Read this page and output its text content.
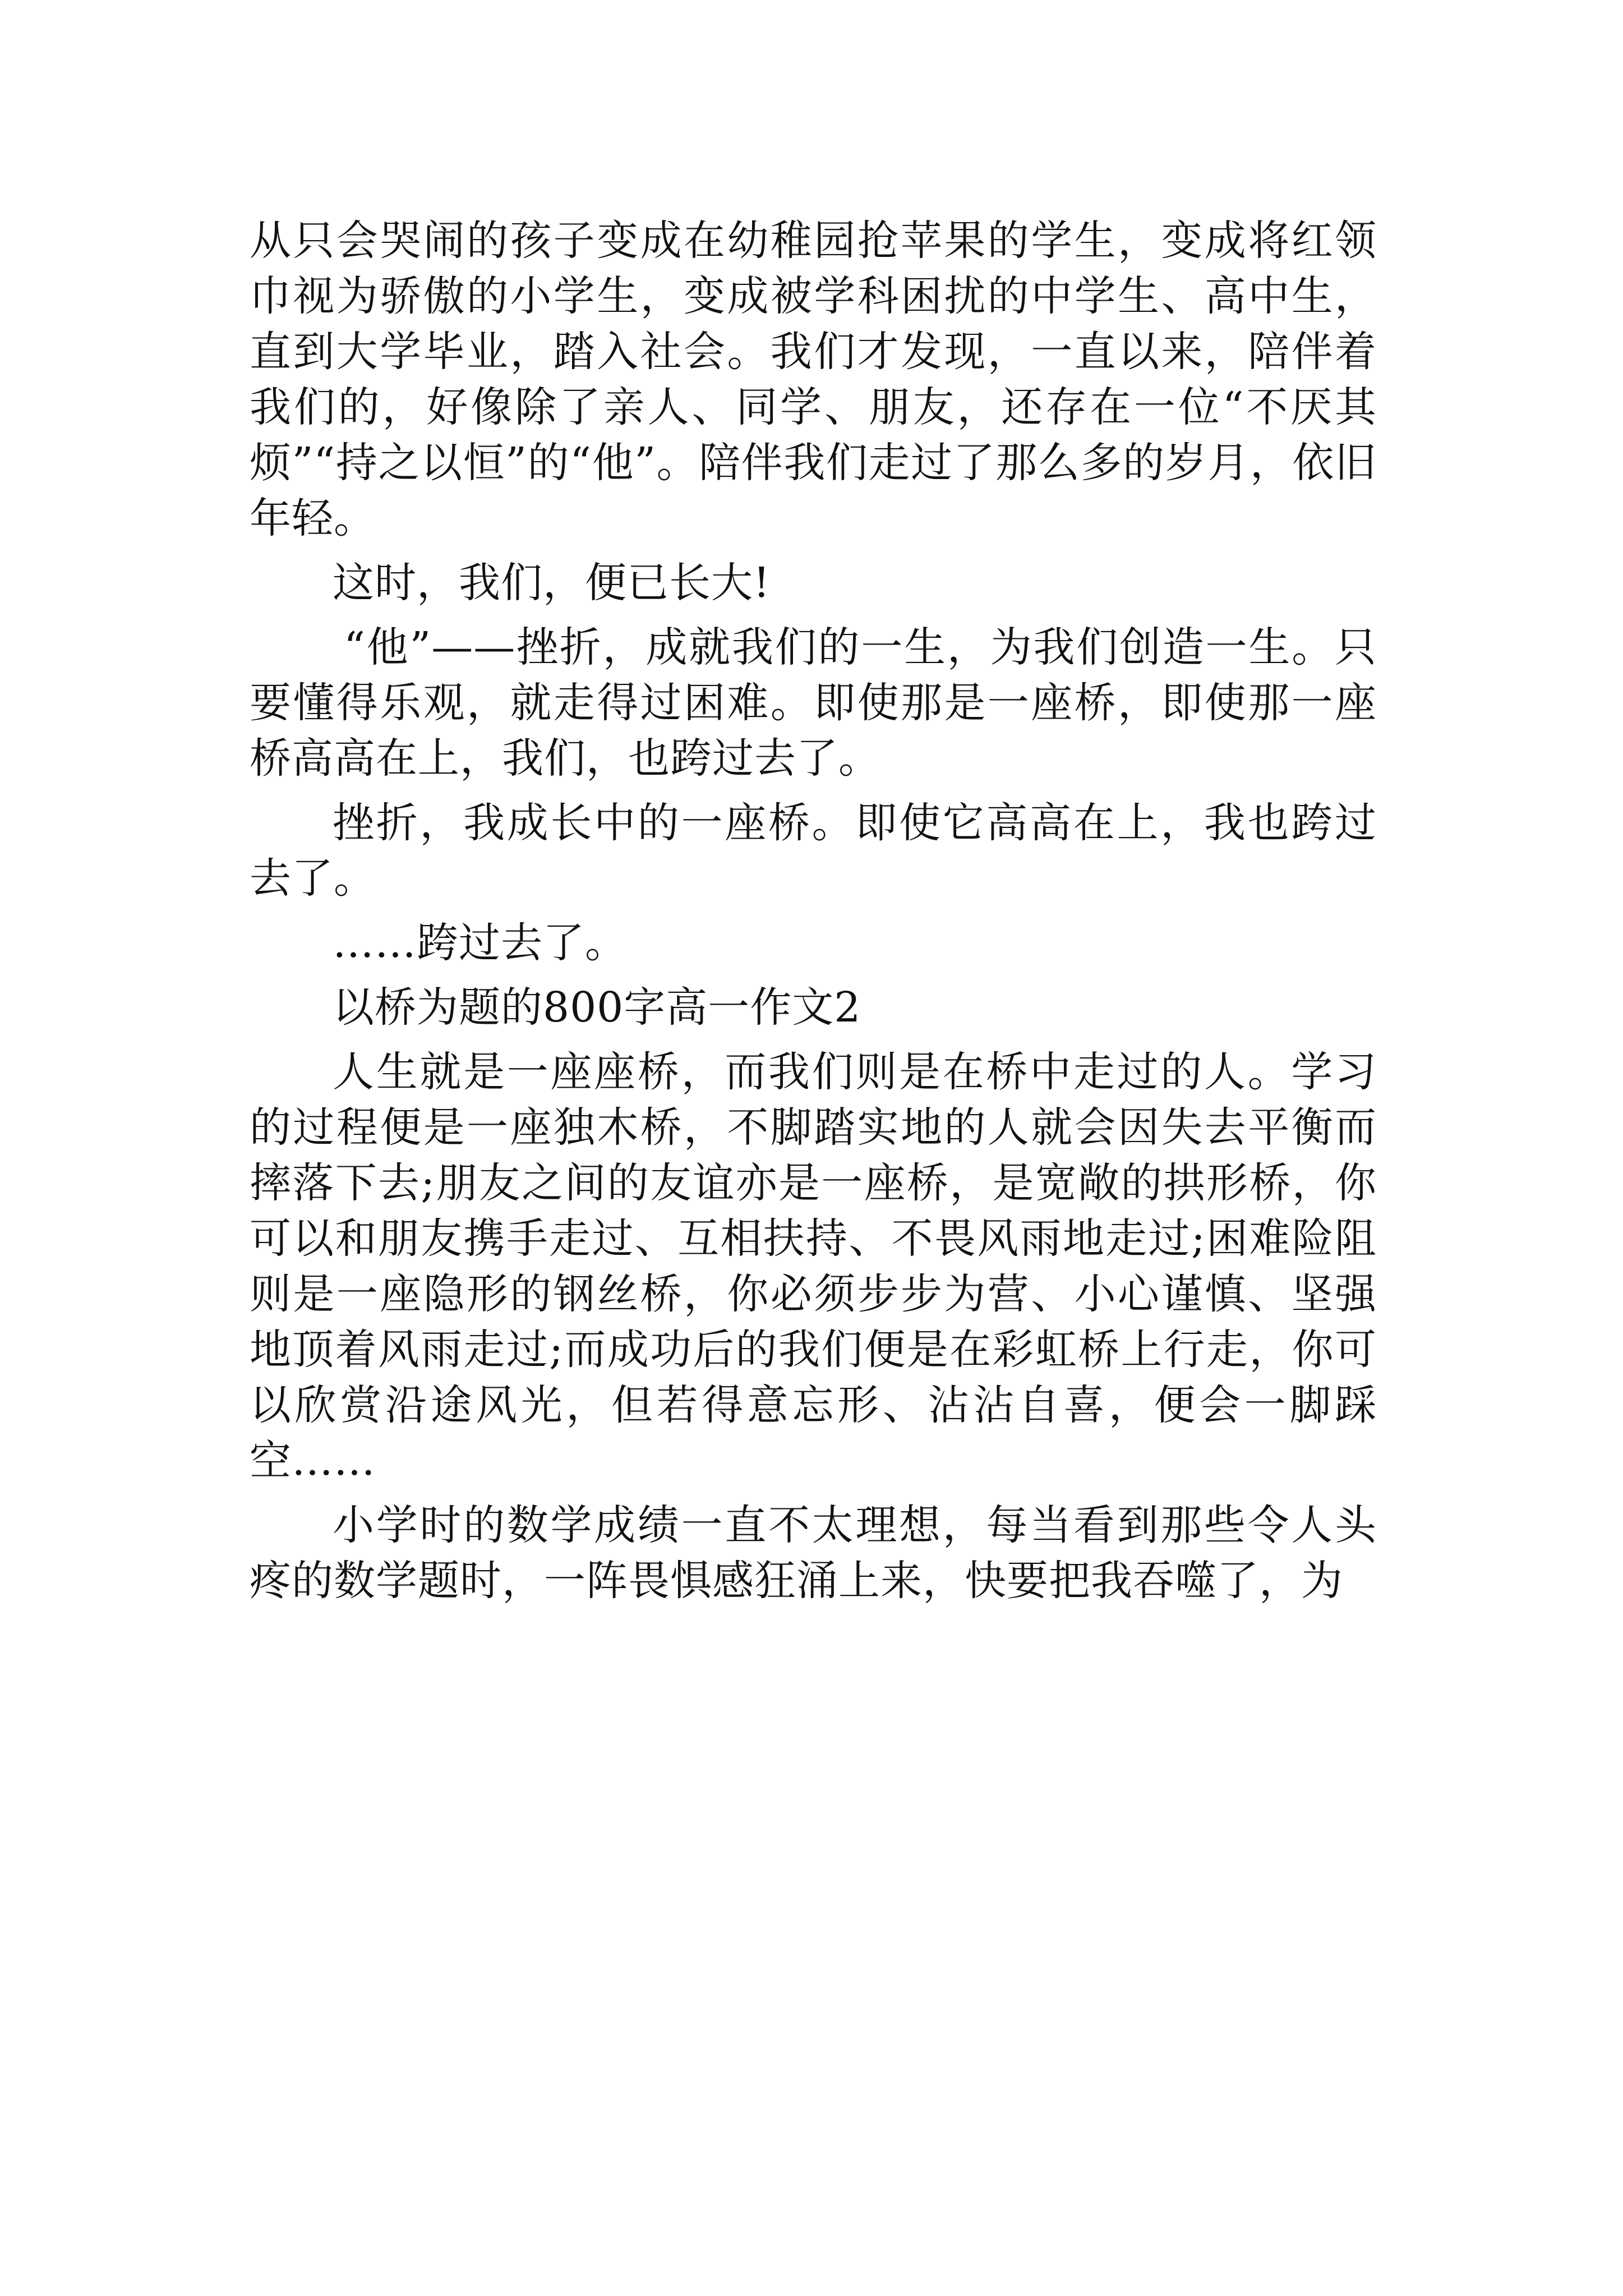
从只会哭闹的孩子变成在幼稚园抢苹果的学生，变成将红领巾视为骄傲的小学生，变成被学科困扰的中学生、高中生，直到大学毕业，踏入社会。我们才发现，一直以来，陪伴着我们的，好像除了亲人、同学、朋友，还存在一位“不厌其烦”“持之以恒”的“他”。陪伴我们走过了那么多的岁月，依旧年轻。

这时，我们，便已长大!

“他”——挫折，成就我们的一生，为我们创造一生。只要懂得乐观，就走得过困难。即使那是一座桥，即使那一座桥高高在上，我们，也跨过去了。

挫折，我成长中的一座桥。即使它高高在上，我也跨过去了。

……跨过去了。

以桥为题的800字高一作文2

人生就是一座座桥，而我们则是在桥中走过的人。学习的过程便是一座独木桥，不脚踏实地的人就会因失去平衡而摔落下去;朋友之间的友谊亦是一座桥，是宽敞的拱形桥，你可以和朋友携手走过、互相扶持、不畏风雨地走过;困难险阻则是一座隐形的钢丝桥，你必须步步为营、小心谨慎、坚强地顶着风雨走过;而成功后的我们便是在彩虹桥上行走，你可以欣赏沿途风光，但若得意忘形、沾沾自喜，便会一脚踩空……

小学时的数学成绩一直不太理想，每当看到那些令人头疼的数学题时，一阵畏惧感狂涌上来，快要把我吞噬了，为
